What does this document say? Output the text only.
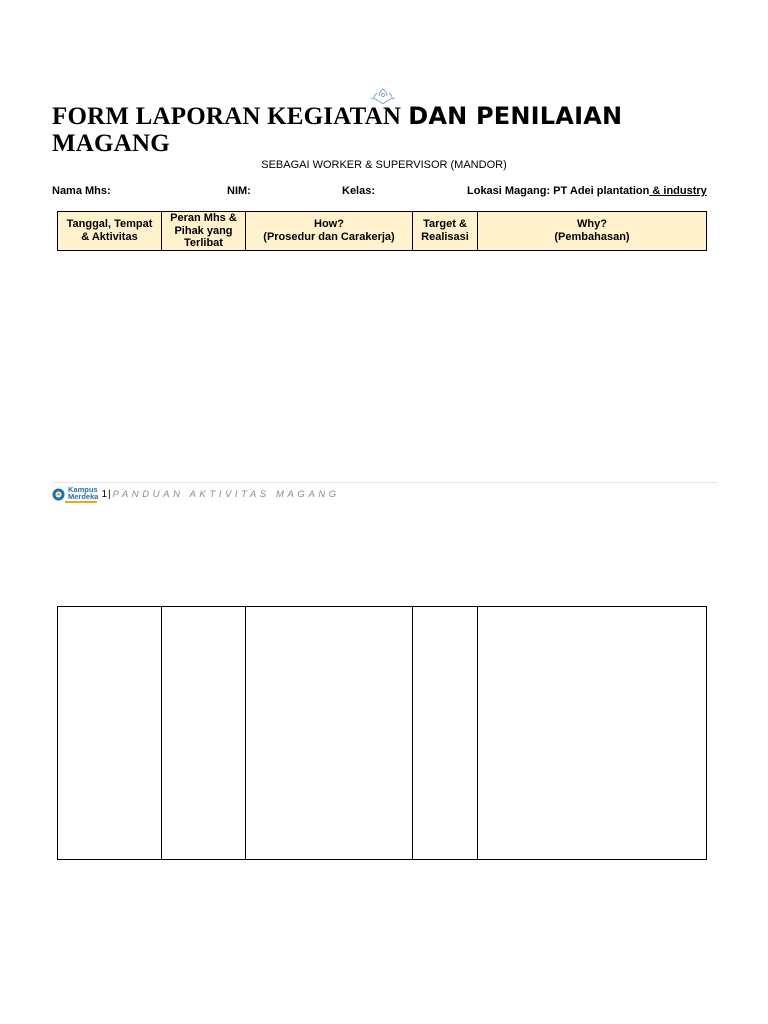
FORM LAPORAN KEGIATAN DAN PENILAIAN
MAGANG
SEBAGAI WORKER & SUPERVISOR (MANDOR)
Nama Mhs:	NIM:	Kelas:	Lokasi Magang: PT Adei plantation & industry
Tanggal, Tempat
& Aktivitas	Peran Mhs &
Pihak yang
Terlibat	How?
(Prosedur dan Carakerja)	Target &
Realisasi	Why?
(Pembahasan)
Kampus
Merdeka 1 | PANDUAN AKTIVITAS MAGANG
